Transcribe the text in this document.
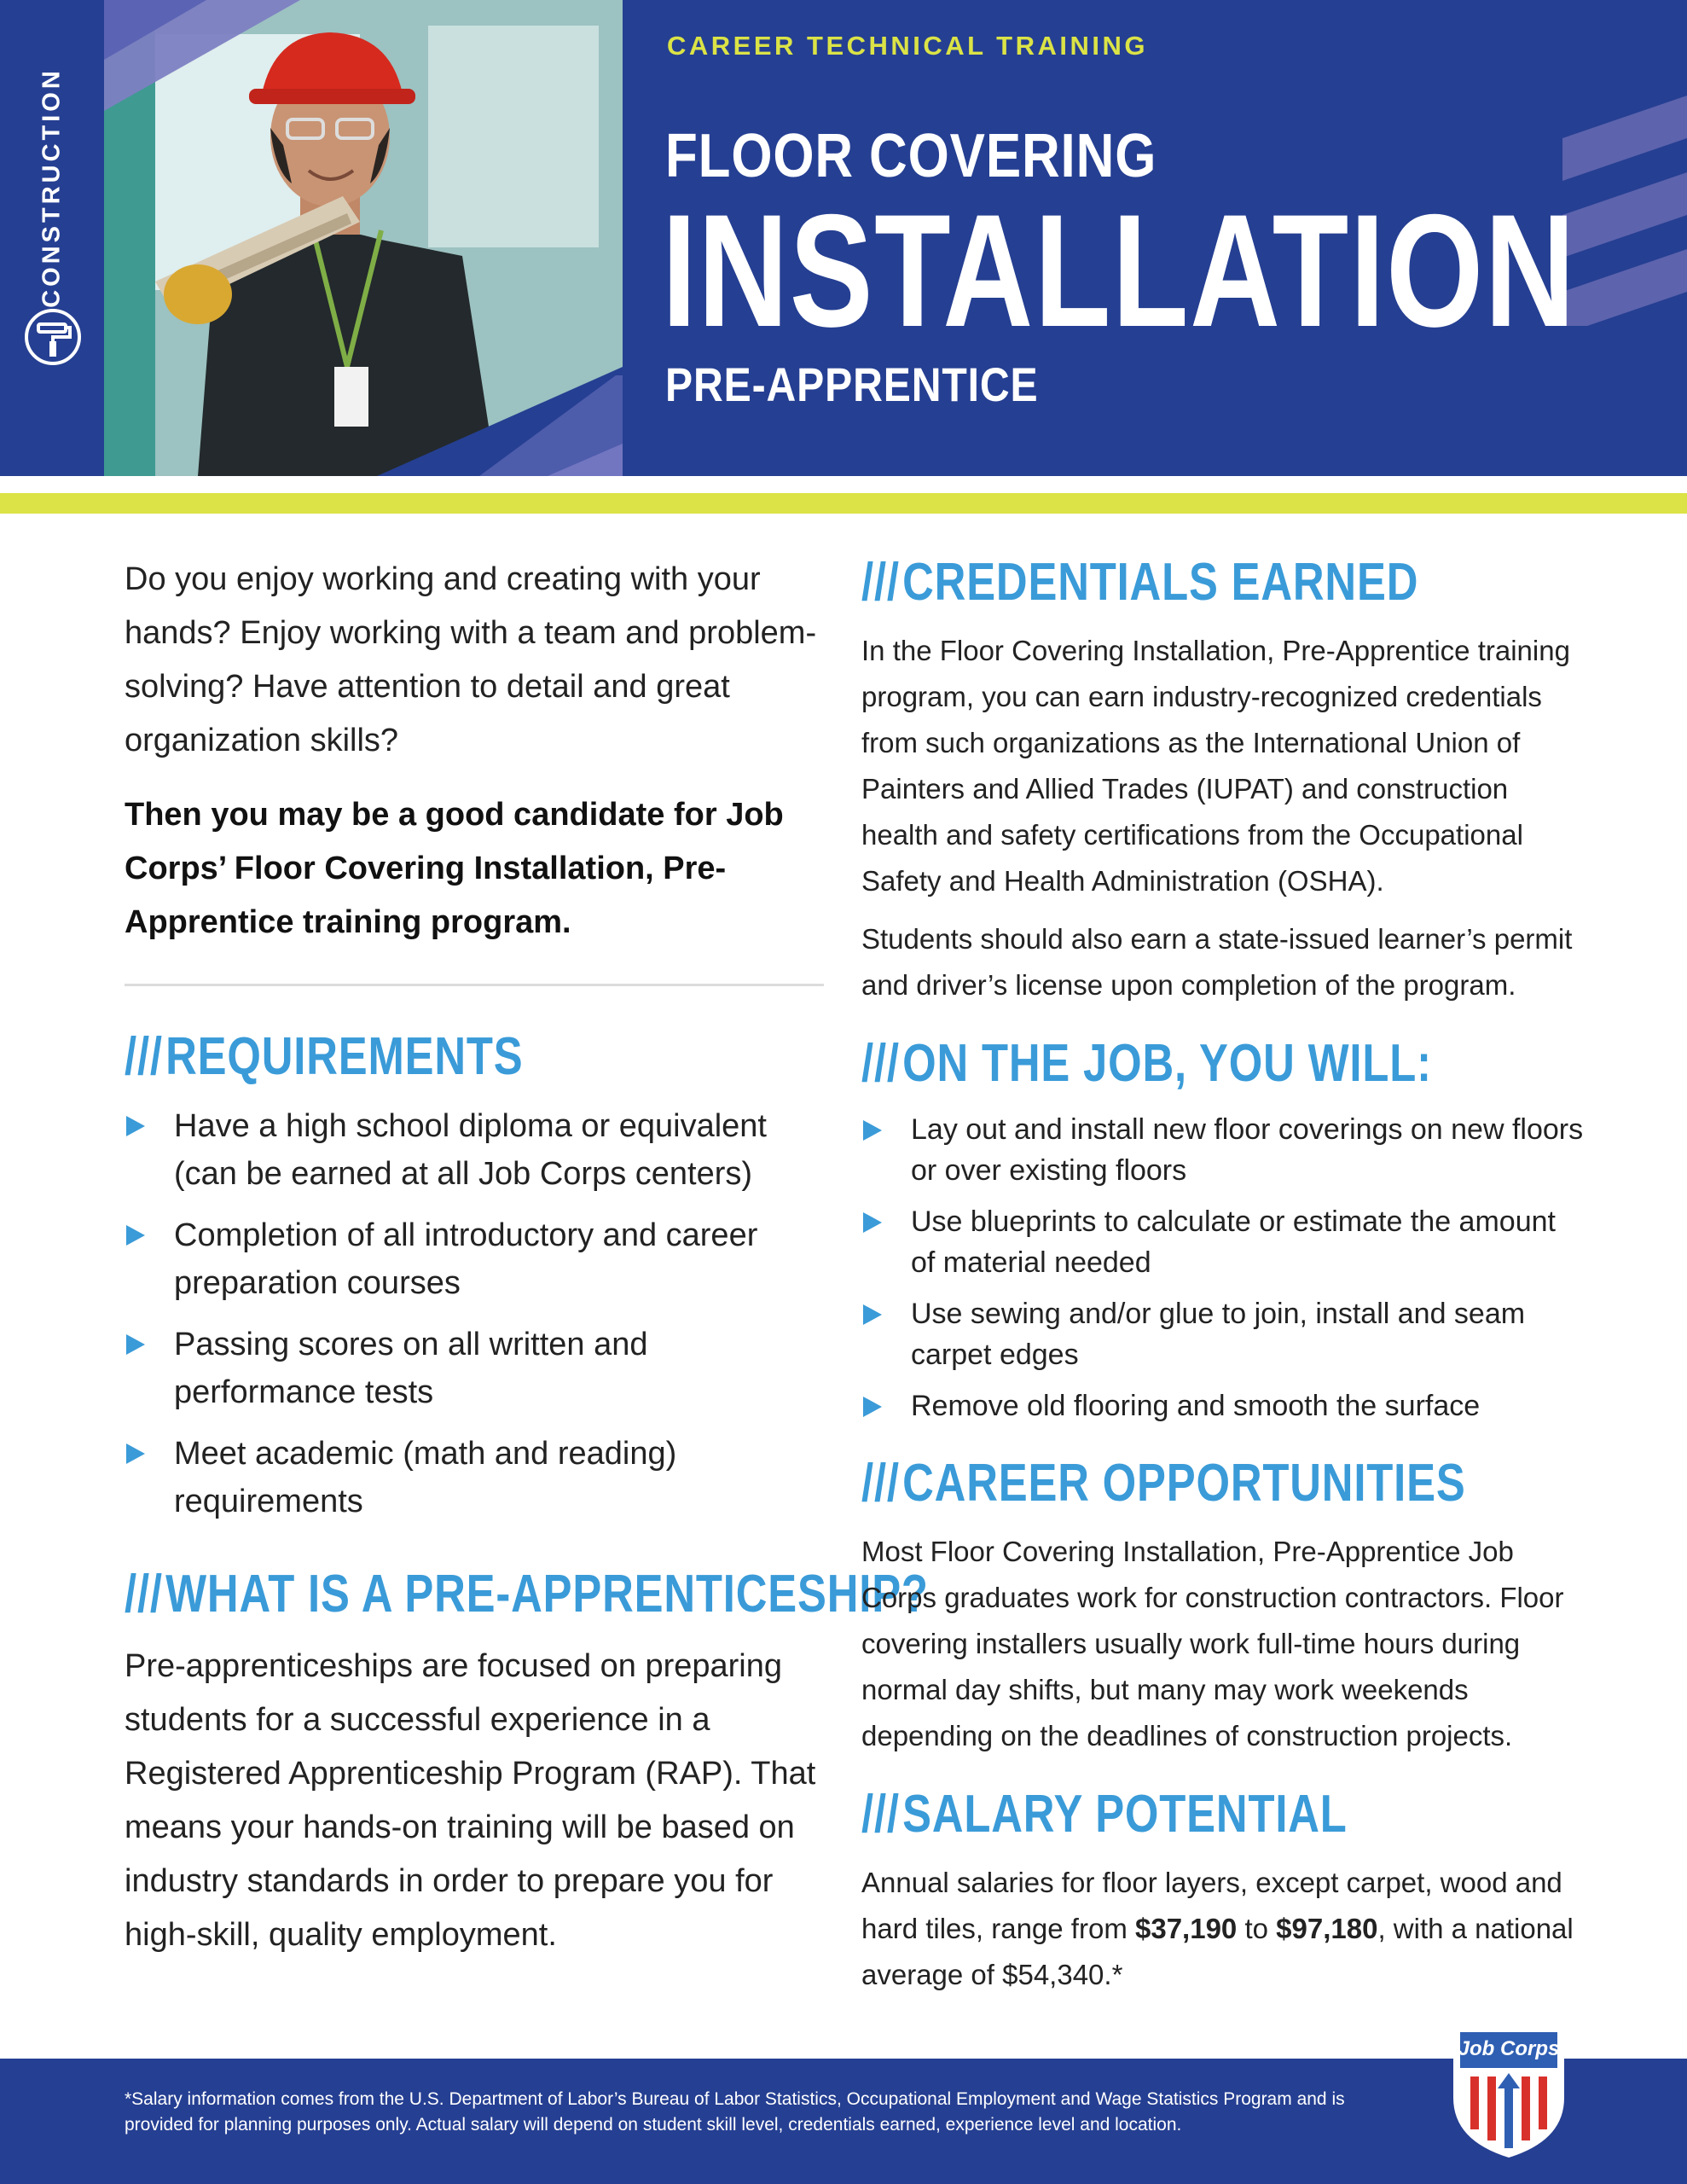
CONSTRUCTION
CAREER TECHNICAL TRAINING
FLOOR COVERING
INSTALLATION
PRE-APPRENTICE

Do you enjoy working and creating with your hands? Enjoy working with a team and problem-solving? Have attention to detail and great organization skills?

Then you may be a good candidate for Job Corps’ Floor Covering Installation, Pre-Apprentice training program.

///REQUIREMENTS
Have a high school diploma or equivalent (can be earned at all Job Corps centers)
Completion of all introductory and career preparation courses
Passing scores on all written and performance tests
Meet academic (math and reading) requirements
///WHAT IS A PRE-APPRENTICESHIP?

Pre-apprenticeships are focused on preparing students for a successful experience in a Registered Apprenticeship Program (RAP). That means your hands-on training will be based on industry standards in order to prepare you for high-skill, quality employment.

///CREDENTIALS EARNED

In the Floor Covering Installation, Pre-Apprentice training program, you can earn industry-recognized credentials from such organizations as the International Union of Painters and Allied Trades (IUPAT) and construction health and safety certifications from the Occupational Safety and Health Administration (OSHA).

Students should also earn a state-issued learner’s permit and driver’s license upon completion of the program.

///ON THE JOB, YOU WILL:
Lay out and install new floor coverings on new floors or over existing floors
Use blueprints to calculate or estimate the amount of material needed
Use sewing and/or glue to join, install and seam carpet edges
Remove old flooring and smooth the surface
///CAREER OPPORTUNITIES

Most Floor Covering Installation, Pre-Apprentice Job Corps graduates work for construction contractors. Floor covering installers usually work full-time hours during normal day shifts, but many may work weekends depending on the deadlines of construction projects.

///SALARY POTENTIAL

Annual salaries for floor layers, except carpet, wood and hard tiles, range from $37,190 to $97,180, with a national average of $54,340.*

*Salary information comes from the U.S. Department of Labor’s Bureau of Labor Statistics, Occupational Employment and Wage Statistics Program and is provided for planning purposes only. Actual salary will depend on student skill level, credentials earned, experience level and location.
Job Corps
